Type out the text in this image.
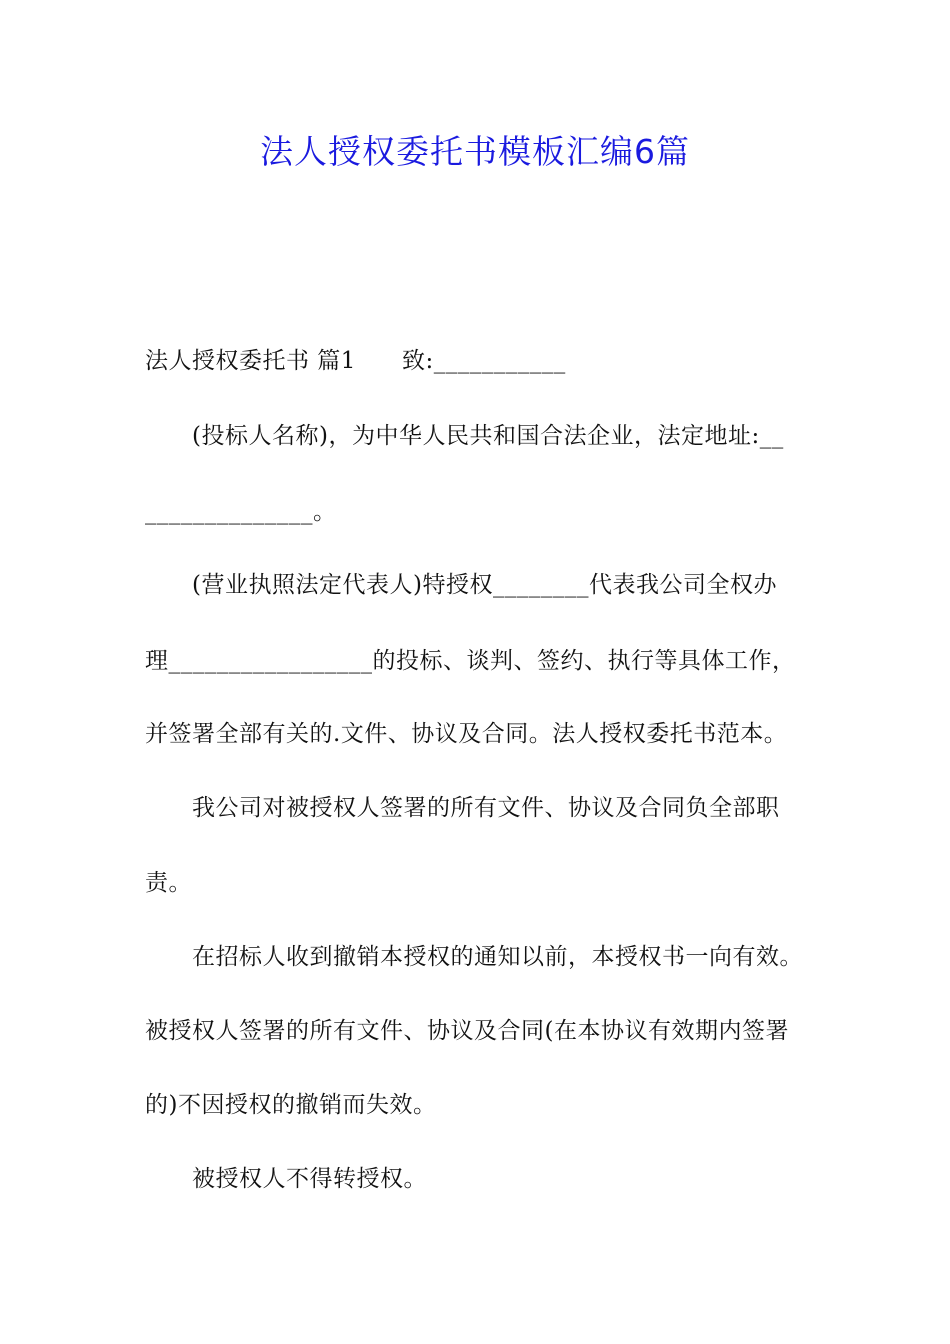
法人授权委托书模板汇编6篇
法人授权委托书 篇1 致:___________
(投标人名称)，为中华人民共和国合法企业，法定地址:__
______________。
(营业执照法定代表人)特授权________代表我公司全权办
理_________________的投标、谈判、签约、执行等具体工作，
并签署全部有关的.文件、协议及合同。法人授权委托书范本。
我公司对被授权人签署的所有文件、协议及合同负全部职
责。
在招标人收到撤销本授权的通知以前，本授权书一向有效。
被授权人签署的所有文件、协议及合同(在本协议有效期内签署
的)不因授权的撤销而失效。
被授权人不得转授权。
